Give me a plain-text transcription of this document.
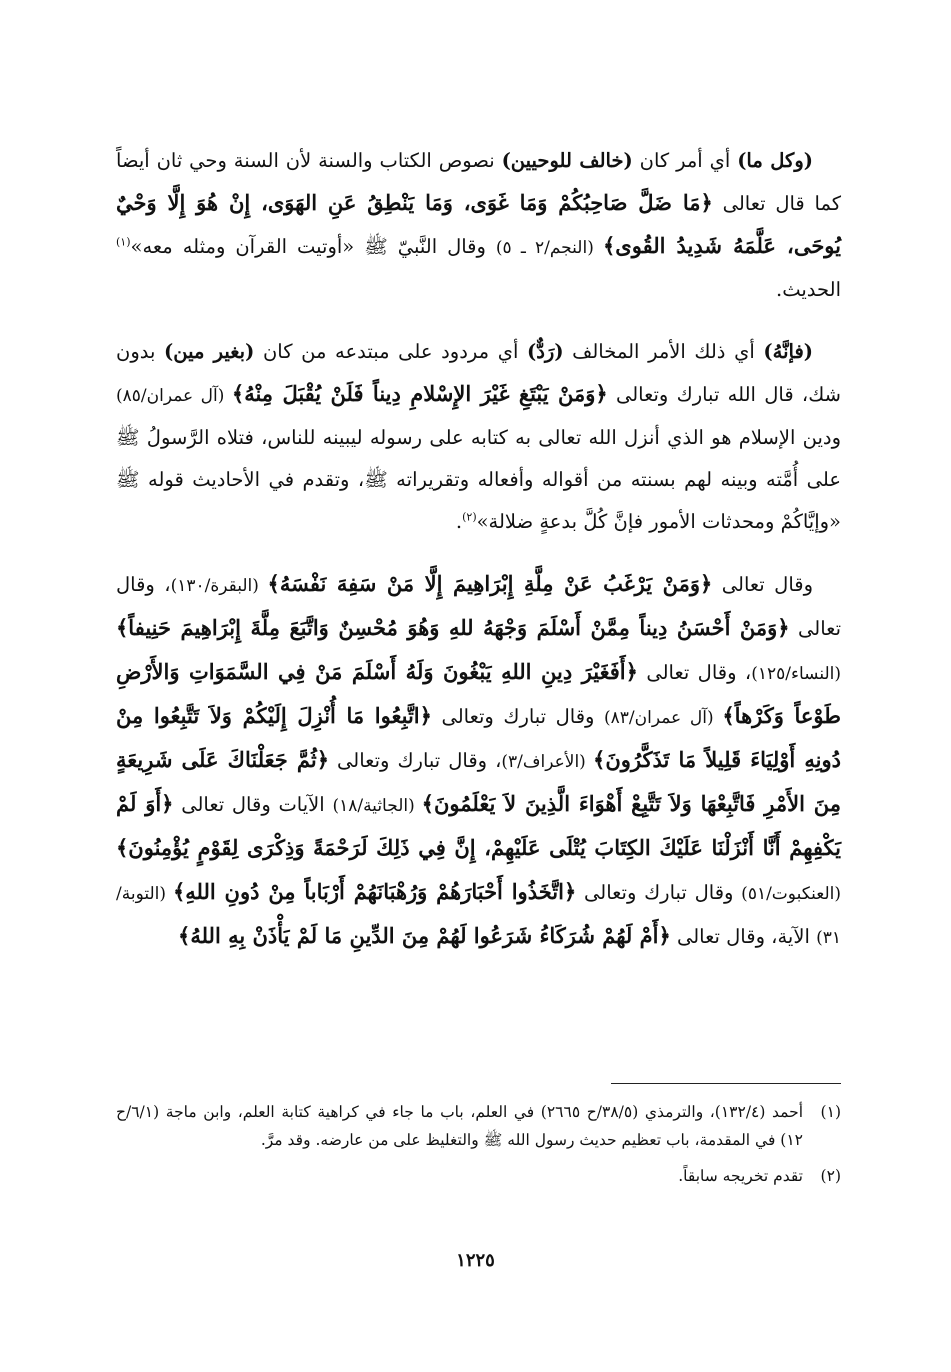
(وكل ما) أي أمر كان (خالف للوحيين) نصوص الكتاب والسنة لأن السنة وحي ثان أيضاً كما قال تعالى ﴿مَا ضَلَّ صَاحِبُكُمْ وَمَا غَوَى، وَمَا يَنْطِقُ عَنِ الهَوَى، إِنْ هُوَ إِلَّا وَحْيٌ يُوحَى، عَلَّمَهُ شَدِيدُ القُوى﴾ (النجم/٢ ـ ٥) وقال النَّبيّ ﷺ «أوتيت القرآن ومثله معه»$^{(١)}$ الحديث.

(فإنَّهُ) أي ذلك الأمر المخالف (رَدٌّ) أي مردود على مبتدعه من كان (بغير مين) بدون شك، قال الله تبارك وتعالى ﴿وَمَنْ يَبْتَغِ غَيْرَ الإِسْلامِ دِيناً فَلَنْ يُقْبَلَ مِنْهُ﴾ (آل عمران/٨٥) ودين الإسلام هو الذي أنزل الله تعالى به كتابه على رسوله ليبينه للناس، فتلاه الرَّسولُ ﷺ على أُمَّته وبينه لهم بسنته من أقواله وأفعاله وتقريراته ﷺ، وتقدم في الأحاديث قوله ﷺ «وإيَّاكُمْ ومحدثات الأمور فإنَّ كُلَّ بدعةٍ ضلالة»$^{(٢)}$.

وقال تعالى ﴿وَمَنْ يَرْغَبُ عَنْ مِلَّةِ إِبْرَاهِيمَ إِلَّا مَنْ سَفِهَ نَفْسَهُ﴾ (البقرة/١٣٠)، وقال تعالى ﴿وَمَنْ أَحْسَنُ دِيناً مِمَّنْ أَسْلَمَ وَجْهَهُ للهِ وَهُوَ مُحْسِنٌ وَاتَّبَعَ مِلَّةَ إِبْرَاهِيمَ حَنِيفاً﴾ (النساء/١٢٥)، وقال تعالى ﴿أَفَغَيْرَ دِينِ اللهِ يَبْغُونَ وَلَهُ أَسْلَمَ مَنْ فِي السَّمَوَاتِ وَالأَرْضِ طَوْعاً وَكَرْهاً﴾ (آل عمران/٨٣) وقال تبارك وتعالى ﴿اتَّبِعُوا مَا أُنْزِلَ إِلَيْكُمْ وَلاَ تَتَّبِعُوا مِنْ دُونِهِ أَوْلِيَاءَ قَلِيلاً مَا تَذَكَّرُونَ﴾ (الأعراف/٣)، وقال تبارك وتعالى ﴿ثُمَّ جَعَلْنَاكَ عَلَى شَرِيعَةٍ مِنَ الأَمْرِ فَاتَّبِعْهَا وَلاَ تَتَّبِعْ أَهْوَاءَ الَّذِينَ لاَ يَعْلَمُونَ﴾ (الجاثية/١٨) الآيات وقال تعالى ﴿أَوَ لَمْ يَكْفِهِمْ أَنَّا أَنْزَلْنَا عَلَيْكَ الكِتَابَ يُتْلَى عَلَيْهِمْ، إِنَّ فِي ذَلِكَ لَرَحْمَةً وَذِكْرَى لِقَوْمٍ يُؤْمِنُونَ﴾ (العنكبوت/٥١) وقال تبارك وتعالى ﴿اتَّخَذُوا أَحْبَارَهُمْ وَرُهْبَانَهُمْ أَرْبَاباً مِنْ دُونِ اللهِ﴾ (التوبة/٣١) الآية، وقال تعالى ﴿أَمْ لَهُمْ شُرَكَاءُ شَرَعُوا لَهُمْ مِنَ الدِّينِ مَا لَمْ يَأْذَنْ بِهِ اللهُ﴾

(١)
أحمد (١٣٢/٤)، والترمذي (٣٨/٥/ح ٢٦٦٥) في العلم، باب ما جاء في كراهية كتابة العلم، وابن ماجة (٦/١/ح ١٢) في المقدمة، باب تعظيم حديث رسول الله ﷺ والتغليظ على من عارضه. وقد مرَّ.
(٢)
تقدم تخريجه سابقاً.
١٢٢٥
